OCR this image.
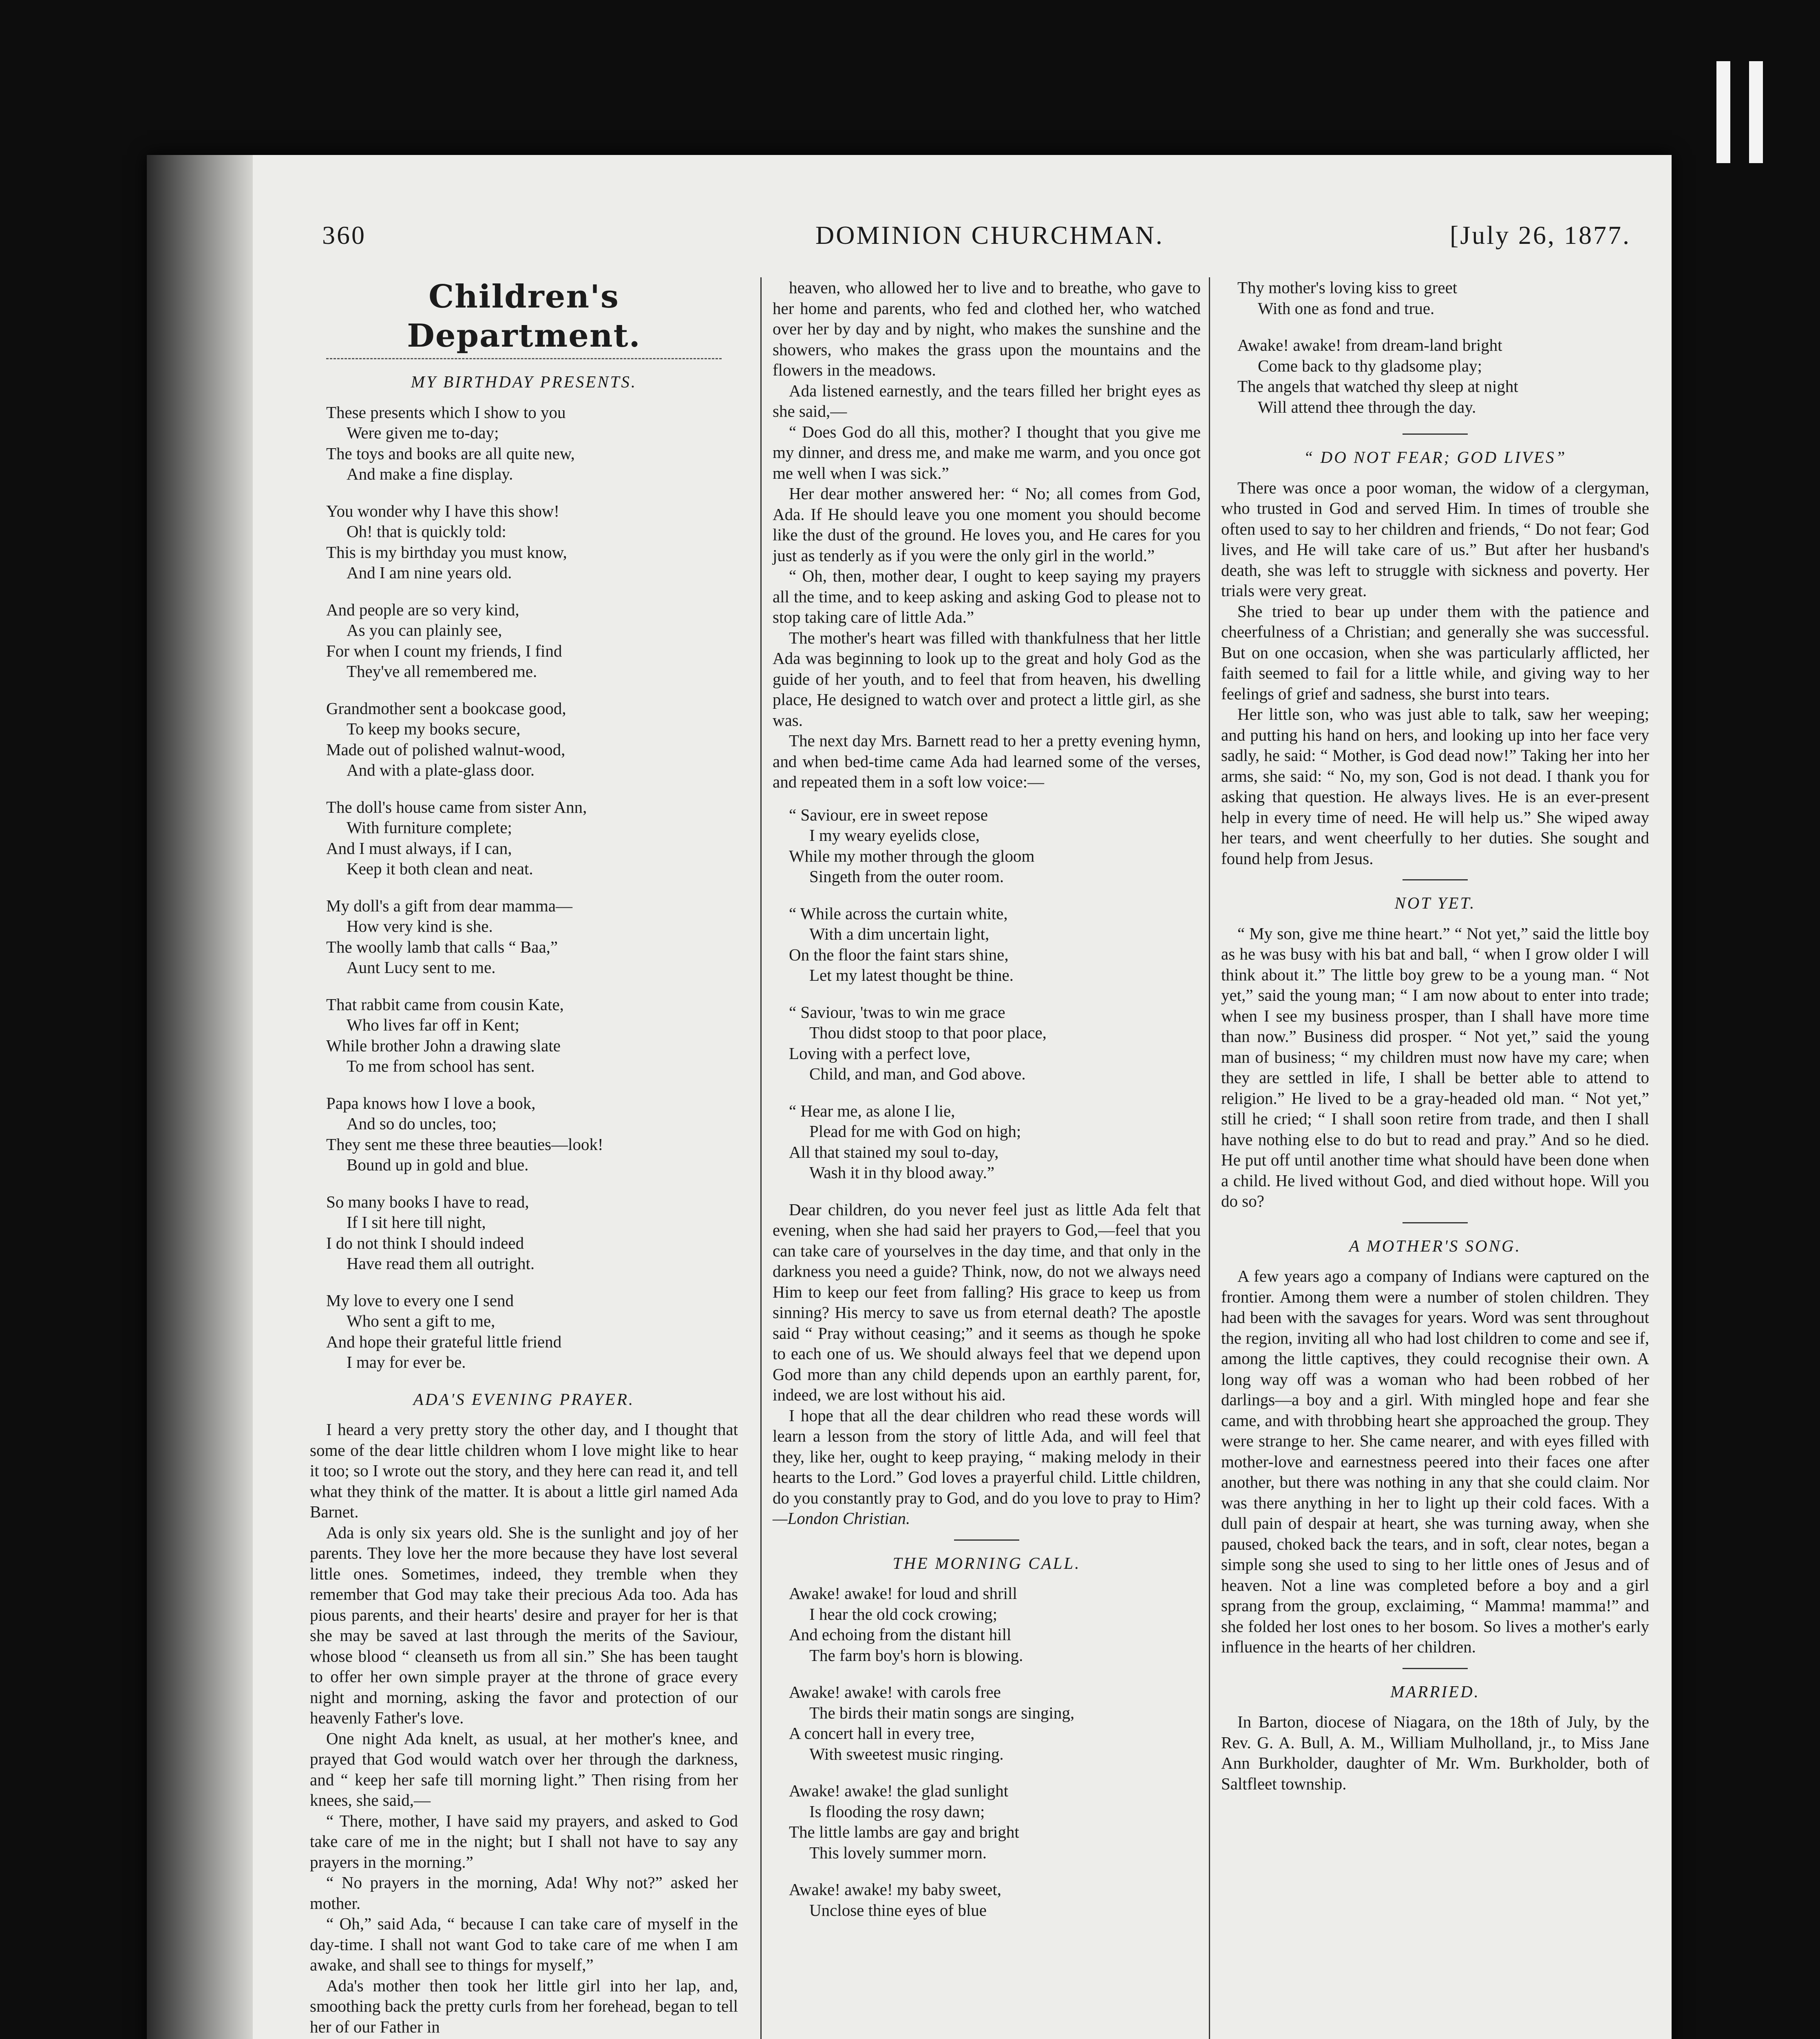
360	DOMINION CHURCHMAN.	[July 26, 1877.
Children's Department.
MY BIRTHDAY PRESENTS.
These presents which I show to you
Were given me to-day;
The toys and books are all quite new,
And make a fine display.
You wonder why I have this show!
Oh! that is quickly told:
This is my birthday you must know,
And I am nine years old.
And people are so very kind,
As you can plainly see,
For when I count my friends, I find
They've all remembered me.
Grandmother sent a bookcase good,
To keep my books secure,
Made out of polished walnut-wood,
And with a plate-glass door.
The doll's house came from sister Ann,
With furniture complete;
And I must always, if I can,
Keep it both clean and neat.
My doll's a gift from dear mamma—
How very kind is she.
The woolly lamb that calls “ Baa,”
Aunt Lucy sent to me.
That rabbit came from cousin Kate,
Who lives far off in Kent;
While brother John a drawing slate
To me from school has sent.
Papa knows how I love a book,
And so do uncles, too;
They sent me these three beauties—look!
Bound up in gold and blue.
So many books I have to read,
If I sit here till night,
I do not think I should indeed
Have read them all outright.
My love to every one I send
Who sent a gift to me,
And hope their grateful little friend
I may for ever be.
ADA'S EVENING PRAYER.

I heard a very pretty story the other day, and I thought that some of the dear little children whom I love might like to hear it too; so I wrote out the story, and they here can read it, and tell what they think of the matter. It is about a little girl named Ada Barnet.

Ada is only six years old. She is the sunlight and joy of her parents. They love her the more because they have lost several little ones. Sometimes, indeed, they tremble when they remember that God may take their precious Ada too. Ada has pious parents, and their hearts' desire and prayer for her is that she may be saved at last through the merits of the Saviour, whose blood “ cleanseth us from all sin.” She has been taught to offer her own simple prayer at the throne of grace every night and morning, asking the favor and protection of our heavenly Father's love.

One night Ada knelt, as usual, at her mother's knee, and prayed that God would watch over her through the darkness, and “ keep her safe till morning light.” Then rising from her knees, she said,—

“ There, mother, I have said my prayers, and asked to God take care of me in the night; but I shall not have to say any prayers in the morning.”

“ No prayers in the morning, Ada! Why not?” asked her mother.

“ Oh,” said Ada, “ because I can take care of myself in the day-time. I shall not want God to take care of me when I am awake, and shall see to things for myself,”

Ada's mother then took her little girl into her lap, and, smoothing back the pretty curls from her forehead, began to tell her of our Father in

heaven, who allowed her to live and to breathe, who gave to her home and parents, who fed and clothed her, who watched over her by day and by night, who makes the sunshine and the showers, who makes the grass upon the mountains and the flowers in the meadows.

Ada listened earnestly, and the tears filled her bright eyes as she said,—

“ Does God do all this, mother? I thought that you give me my dinner, and dress me, and make me warm, and you once got me well when I was sick.”

Her dear mother answered her: “ No; all comes from God, Ada. If He should leave you one moment you should become like the dust of the ground. He loves you, and He cares for you just as tenderly as if you were the only girl in the world.”

“ Oh, then, mother dear, I ought to keep saying my prayers all the time, and to keep asking and asking God to please not to stop taking care of little Ada.”

The mother's heart was filled with thankfulness that her little Ada was beginning to look up to the great and holy God as the guide of her youth, and to feel that from heaven, his dwelling place, He designed to watch over and protect a little girl, as she was.

The next day Mrs. Barnett read to her a pretty evening hymn, and when bed-time came Ada had learned some of the verses, and repeated them in a soft low voice:—

“ Saviour, ere in sweet repose
I my weary eyelids close,
While my mother through the gloom
Singeth from the outer room.
“ While across the curtain white,
With a dim uncertain light,
On the floor the faint stars shine,
Let my latest thought be thine.
“ Saviour, 'twas to win me grace
Thou didst stoop to that poor place,
Loving with a perfect love,
Child, and man, and God above.
“ Hear me, as alone I lie,
Plead for me with God on high;
All that stained my soul to-day,
Wash it in thy blood away.”

Dear children, do you never feel just as little Ada felt that evening, when she had said her prayers to God,—feel that you can take care of yourselves in the day time, and that only in the darkness you need a guide? Think, now, do not we always need Him to keep our feet from falling? His grace to keep us from sinning? His mercy to save us from eternal death? The apostle said “ Pray without ceasing;” and it seems as though he spoke to each one of us. We should always feel that we depend upon God more than any child depends upon an earthly parent, for, indeed, we are lost without his aid.

I hope that all the dear children who read these words will learn a lesson from the story of little Ada, and will feel that they, like her, ought to keep praying, “ making melody in their hearts to the Lord.” God loves a prayerful child. Little children, do you constantly pray to God, and do you love to pray to Him? —London Christian.

THE MORNING CALL.
Awake! awake! for loud and shrill
I hear the old cock crowing;
And echoing from the distant hill
The farm boy's horn is blowing.
Awake! awake! with carols free
The birds their matin songs are singing,
A concert hall in every tree,
With sweetest music ringing.
Awake! awake! the glad sunlight
Is flooding the rosy dawn;
The little lambs are gay and bright
This lovely summer morn.
Awake! awake! my baby sweet,
Unclose thine eyes of blue
Thy mother's loving kiss to greet
With one as fond and true.
Awake! awake! from dream-land bright
Come back to thy gladsome play;
The angels that watched thy sleep at night
Will attend thee through the day.
“ DO NOT FEAR; GOD LIVES”

There was once a poor woman, the widow of a clergyman, who trusted in God and served Him. In times of trouble she often used to say to her children and friends, “ Do not fear; God lives, and He will take care of us.” But after her husband's death, she was left to struggle with sickness and poverty. Her trials were very great.

She tried to bear up under them with the patience and cheerfulness of a Christian; and generally she was successful. But on one occasion, when she was particularly afflicted, her faith seemed to fail for a little while, and giving way to her feelings of grief and sadness, she burst into tears.

Her little son, who was just able to talk, saw her weeping; and putting his hand on hers, and looking up into her face very sadly, he said: “ Mother, is God dead now!” Taking her into her arms, she said: “ No, my son, God is not dead. I thank you for asking that question. He always lives. He is an ever-present help in every time of need. He will help us.” She wiped away her tears, and went cheerfully to her duties. She sought and found help from Jesus.

NOT YET.

“ My son, give me thine heart.” “ Not yet,” said the little boy as he was busy with his bat and ball, “ when I grow older I will think about it.” The little boy grew to be a young man. “ Not yet,” said the young man; “ I am now about to enter into trade; when I see my business prosper, than I shall have more time than now.” Business did prosper. “ Not yet,” said the young man of business; “ my children must now have my care; when they are settled in life, I shall be better able to attend to religion.” He lived to be a gray-headed old man. “ Not yet,” still he cried; “ I shall soon retire from trade, and then I shall have nothing else to do but to read and pray.” And so he died. He put off until another time what should have been done when a child. He lived without God, and died without hope. Will you do so?

A MOTHER'S SONG.

A few years ago a company of Indians were captured on the frontier. Among them were a number of stolen children. They had been with the savages for years. Word was sent throughout the region, inviting all who had lost children to come and see if, among the little captives, they could recognise their own. A long way off was a woman who had been robbed of her darlings—a boy and a girl. With mingled hope and fear she came, and with throbbing heart she approached the group. They were strange to her. She came nearer, and with eyes filled with mother-love and earnestness peered into their faces one after another, but there was nothing in any that she could claim. Nor was there anything in her to light up their cold faces. With a dull pain of despair at heart, she was turning away, when she paused, choked back the tears, and in soft, clear notes, began a simple song she used to sing to her little ones of Jesus and of heaven. Not a line was completed before a boy and a girl sprang from the group, exclaiming, “ Mamma! mamma!” and she folded her lost ones to her bosom. So lives a mother's early influence in the hearts of her children.

MARRIED.

In Barton, diocese of Niagara, on the 18th of July, by the Rev. G. A. Bull, A. M., William Mulholland, jr., to Miss Jane Ann Burkholder, daughter of Mr. Wm. Burkholder, both of Saltfleet township.
